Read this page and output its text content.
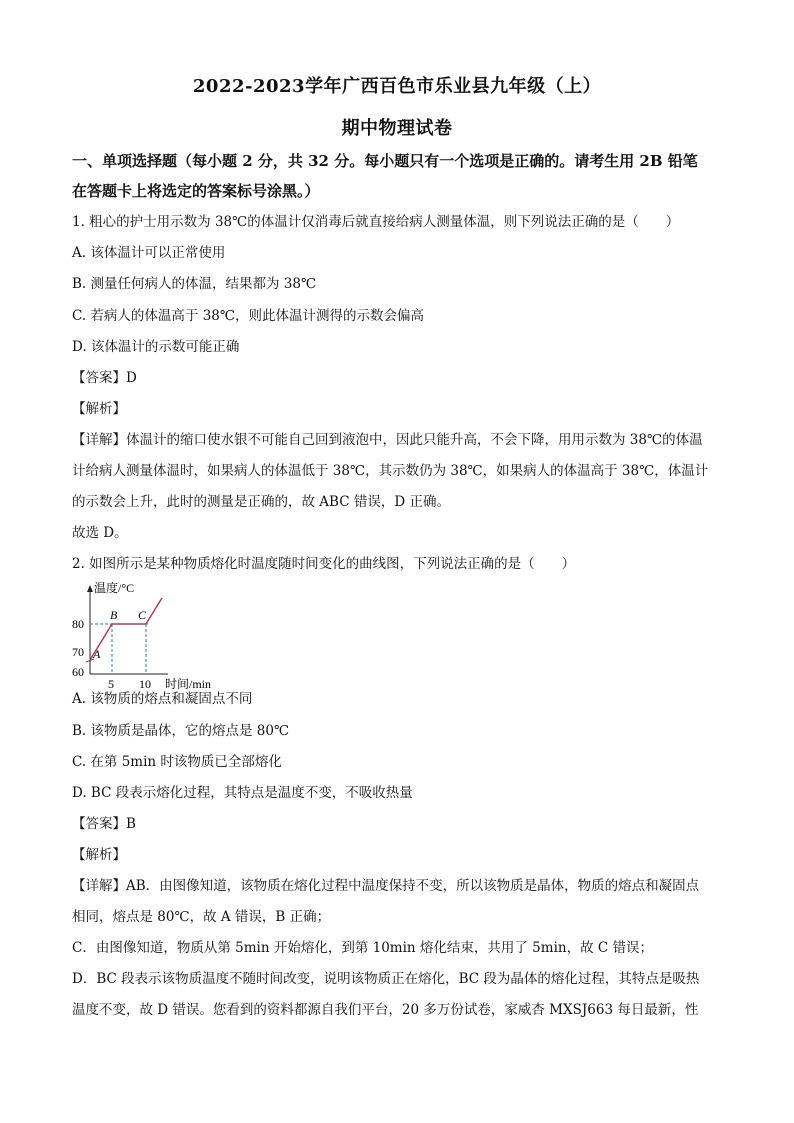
2022-2023学年广西百色市乐业县九年级（上）
期中物理试卷
一、单项选择题（每小题 2 分，共 32 分。每小题只有一个选项是正确的。请考生用 2B 铅笔
在答题卡上将选定的答案标号涂黑。）
1. 粗心的护士用示数为 38℃的体温计仅消毒后就直接给病人测量体温，则下列说法正确的是（　　）
A. 该体温计可以正常使用
B. 测量任何病人的体温，结果都为 38℃
C. 若病人的体温高于 38℃，则此体温计测得的示数会偏高
D. 该体温计的示数可能正确
【答案】D
【解析】
【详解】体温计的缩口使水银不可能自己回到液泡中，因此只能升高，不会下降，用用示数为 38℃的体温
计给病人测量体温时，如果病人的体温低于 38℃，其示数仍为 38℃，如果病人的体温高于 38℃，体温计
的示数会上升，此时的测量是正确的，故 ABC 错误，D 正确。
故选 D。
2. 如图所示是某种物质熔化时温度随时间变化的曲线图，下列说法正确的是（　　）
温度/°C
80
70
60
5 10 时间/min
A
B C
A. 该物质的熔点和凝固点不同
B. 该物质是晶体，它的熔点是 80℃
C. 在第 5min 时该物质已全部熔化
D. BC 段表示熔化过程，其特点是温度不变，不吸收热量
【答案】B
【解析】
【详解】AB．由图像知道，该物质在熔化过程中温度保持不变，所以该物质是晶体，物质的熔点和凝固点
相同，熔点是 80℃，故 A 错误，B 正确；
C．由图像知道，物质从第 5min 开始熔化，到第 10min 熔化结束，共用了 5min，故 C 错误；
D．BC 段表示该物质温度不随时间改变，说明该物质正在熔化，BC 段为晶体的熔化过程，其特点是吸热
温度不变，故 D 错误。您看到的资料都源自我们平台，20 多万份试卷，家威杏 MXSJ663 每日最新，性
